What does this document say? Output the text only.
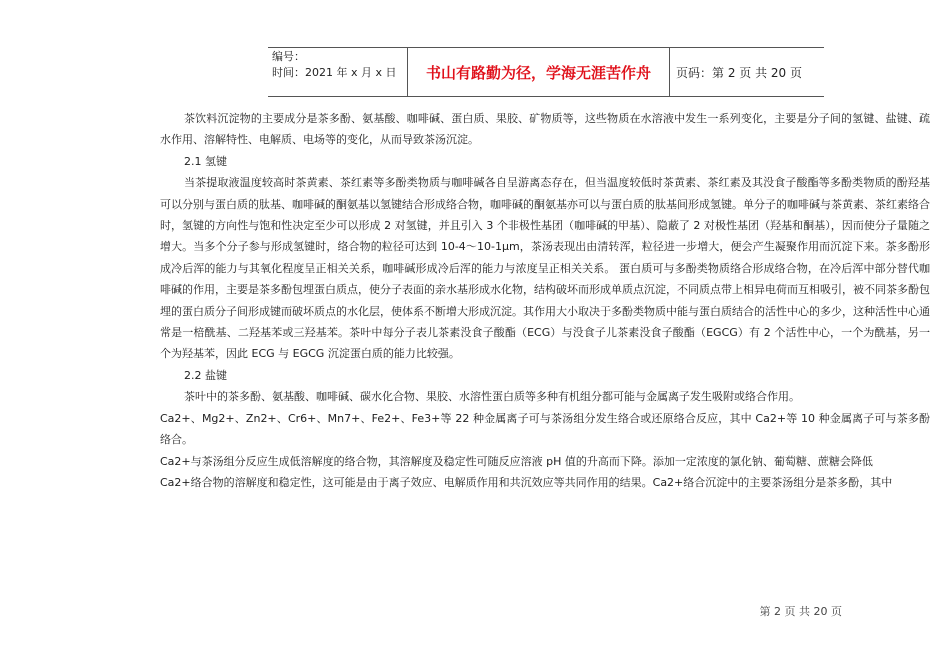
编号：
时间：2021 年 x 月 x 日	书山有路勤为径，学海无涯苦作舟	页码：第 2 页 共 20 页

茶饮料沉淀物的主要成分是茶多酚、氨基酸、咖啡碱、蛋白质、果胶、矿物质等，这些物质在水溶液中发生一系列变化，主要是分子间的氢键、盐键、疏水作用、溶解特性、电解质、电场等的变化，从而导致茶汤沉淀。

2.1 氢键

当茶提取液温度较高时茶黄素、茶红素等多酚类物质与咖啡碱各自呈游离态存在，但当温度较低时茶黄素、茶红素及其没食子酸酯等多酚类物质的酚羟基可以分别与蛋白质的肽基、咖啡碱的酮氨基以氢键结合形成络合物，咖啡碱的酮氨基亦可以与蛋白质的肽基间形成氢键。单分子的咖啡碱与茶黄素、茶红素络合时，氢键的方向性与饱和性决定至少可以形成 2 对氢键，并且引入 3 个非极性基团（咖啡碱的甲基）、隐蔽了 2 对极性基团（羟基和酮基），因而使分子量随之增大。当多个分子参与形成氢键时，络合物的粒径可达到 10-4～10-1μm，茶汤表现出由清转浑，粒径进一步增大，便会产生凝聚作用而沉淀下来。茶多酚形成冷后浑的能力与其氧化程度呈正相关关系，咖啡碱形成冷后浑的能力与浓度呈正相关关系。 蛋白质可与多酚类物质络合形成络合物，在冷后浑中部分替代咖啡碱的作用，主要是茶多酚包埋蛋白质点，使分子表面的亲水基形成水化物，结构破坏而形成单质点沉淀，不同质点带上相异电荷而互相吸引，被不同茶多酚包埋的蛋白质分子间形成键而破坏质点的水化层，使体系不断增大形成沉淀。其作用大小取决于多酚类物质中能与蛋白质结合的活性中心的多少，这种活性中心通常是一棓酰基、二羟基苯或三羟基苯。茶叶中每分子表儿茶素没食子酸酯（ECG）与没食子儿茶素没食子酸酯（EGCG）有 2 个活性中心，一个为酰基，另一个为羟基苯，因此 ECG 与 EGCG 沉淀蛋白质的能力比较强。

2.2 盐键

茶叶中的茶多酚、氨基酸、咖啡碱、碳水化合物、果胶、水溶性蛋白质等多种有机组分都可能与金属离子发生吸附或络合作用。

Ca2+、Mg2+、Zn2+、Cr6+、Mn7+、Fe2+、Fe3+等 22 种金属离子可与茶汤组分发生络合或还原络合反应，其中 Ca2+等 10 种金属离子可与茶多酚络合。

Ca2+与茶汤组分反应生成低溶解度的络合物，其溶解度及稳定性可随反应溶液 pH 值的升高而下降。添加一定浓度的氯化钠、葡萄糖、蔗糖会降低

Ca2+络合物的溶解度和稳定性，这可能是由于离子效应、电解质作用和共沉效应等共同作用的结果。Ca2+络合沉淀中的主要茶汤组分是茶多酚，其中

第 2 页 共 20 页
